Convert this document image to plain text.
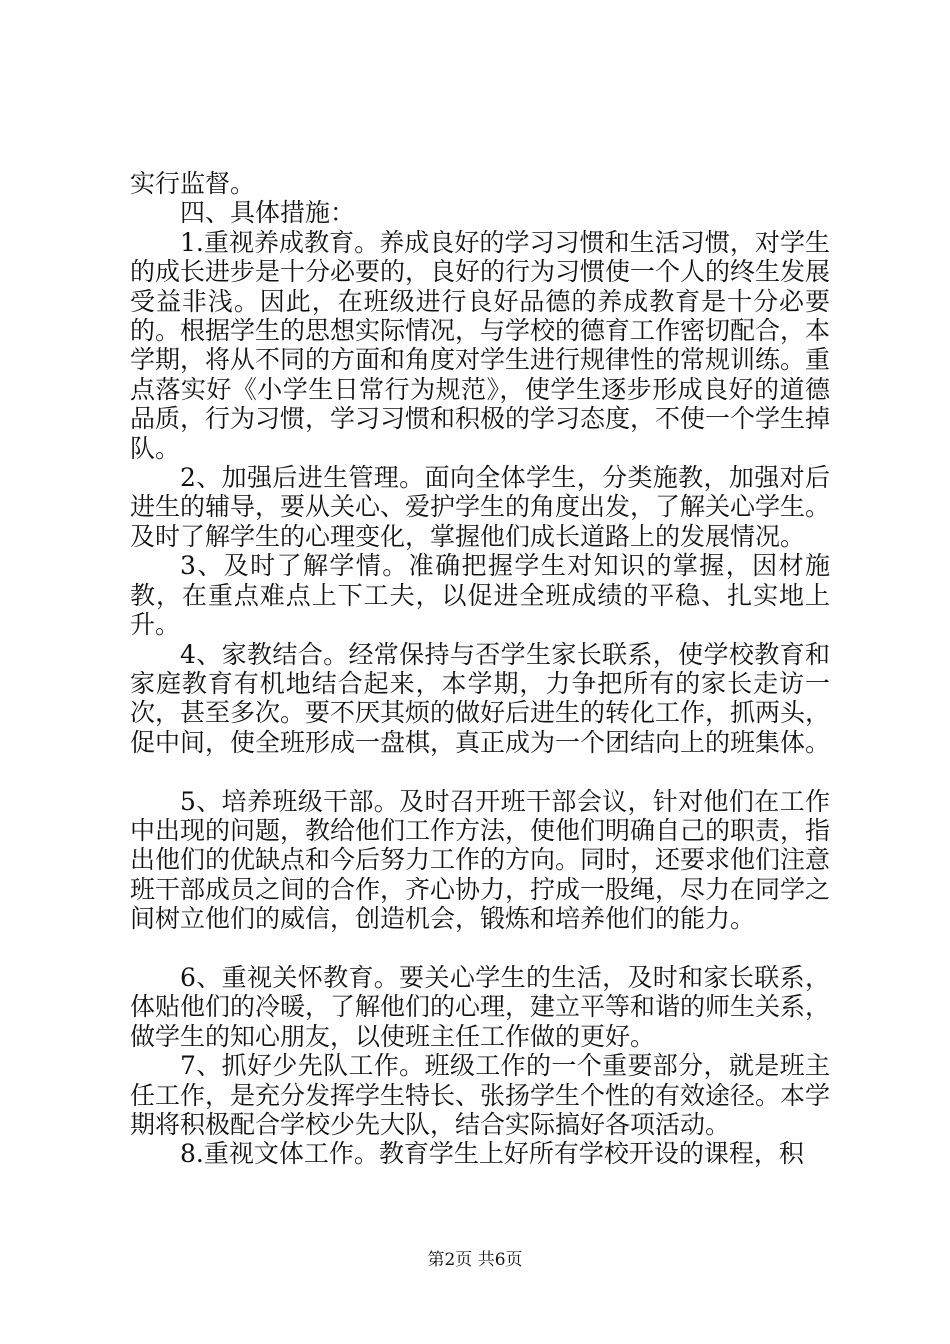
实行监督。

四、具体措施：

1.重视养成教育。养成良好的学习习惯和生活习惯，对学生的成长进步是十分必要的，良好的行为习惯使一个人的终生发展受益非浅。因此，在班级进行良好品德的养成教育是十分必要的。根据学生的思想实际情况，与学校的德育工作密切配合，本学期，将从不同的方面和角度对学生进行规律性的常规训练。重点落实好《小学生日常行为规范》，使学生逐步形成良好的道德品质，行为习惯，学习习惯和积极的学习态度，不使一个学生掉队。

2、加强后进生管理。面向全体学生，分类施教，加强对后进生的辅导，要从关心、爱护学生的角度出发，了解关心学生。及时了解学生的心理变化，掌握他们成长道路上的发展情况。

3、及时了解学情。准确把握学生对知识的掌握，因材施教，在重点难点上下工夫，以促进全班成绩的平稳、扎实地上升。

4、家教结合。经常保持与否学生家长联系，使学校教育和家庭教育有机地结合起来，本学期，力争把所有的家长走访一次，甚至多次。要不厌其烦的做好后进生的转化工作，抓两头，促中间，使全班形成一盘棋，真正成为一个团结向上的班集体。

5、培养班级干部。及时召开班干部会议，针对他们在工作中出现的问题，教给他们工作方法，使他们明确自己的职责，指出他们的优缺点和今后努力工作的方向。同时，还要求他们注意班干部成员之间的合作，齐心协力，拧成一股绳，尽力在同学之间树立他们的威信，创造机会，锻炼和培养他们的能力。

6、重视关怀教育。要关心学生的生活，及时和家长联系，体贴他们的冷暖，了解他们的心理，建立平等和谐的师生关系，做学生的知心朋友，以使班主任工作做的更好。

7、抓好少先队工作。班级工作的一个重要部分，就是班主任工作，是充分发挥学生特长、张扬学生个性的有效途径。本学期将积极配合学校少先大队，结合实际搞好各项活动。

8.重视文体工作。教育学生上好所有学校开设的课程，积

第2页 共6页
